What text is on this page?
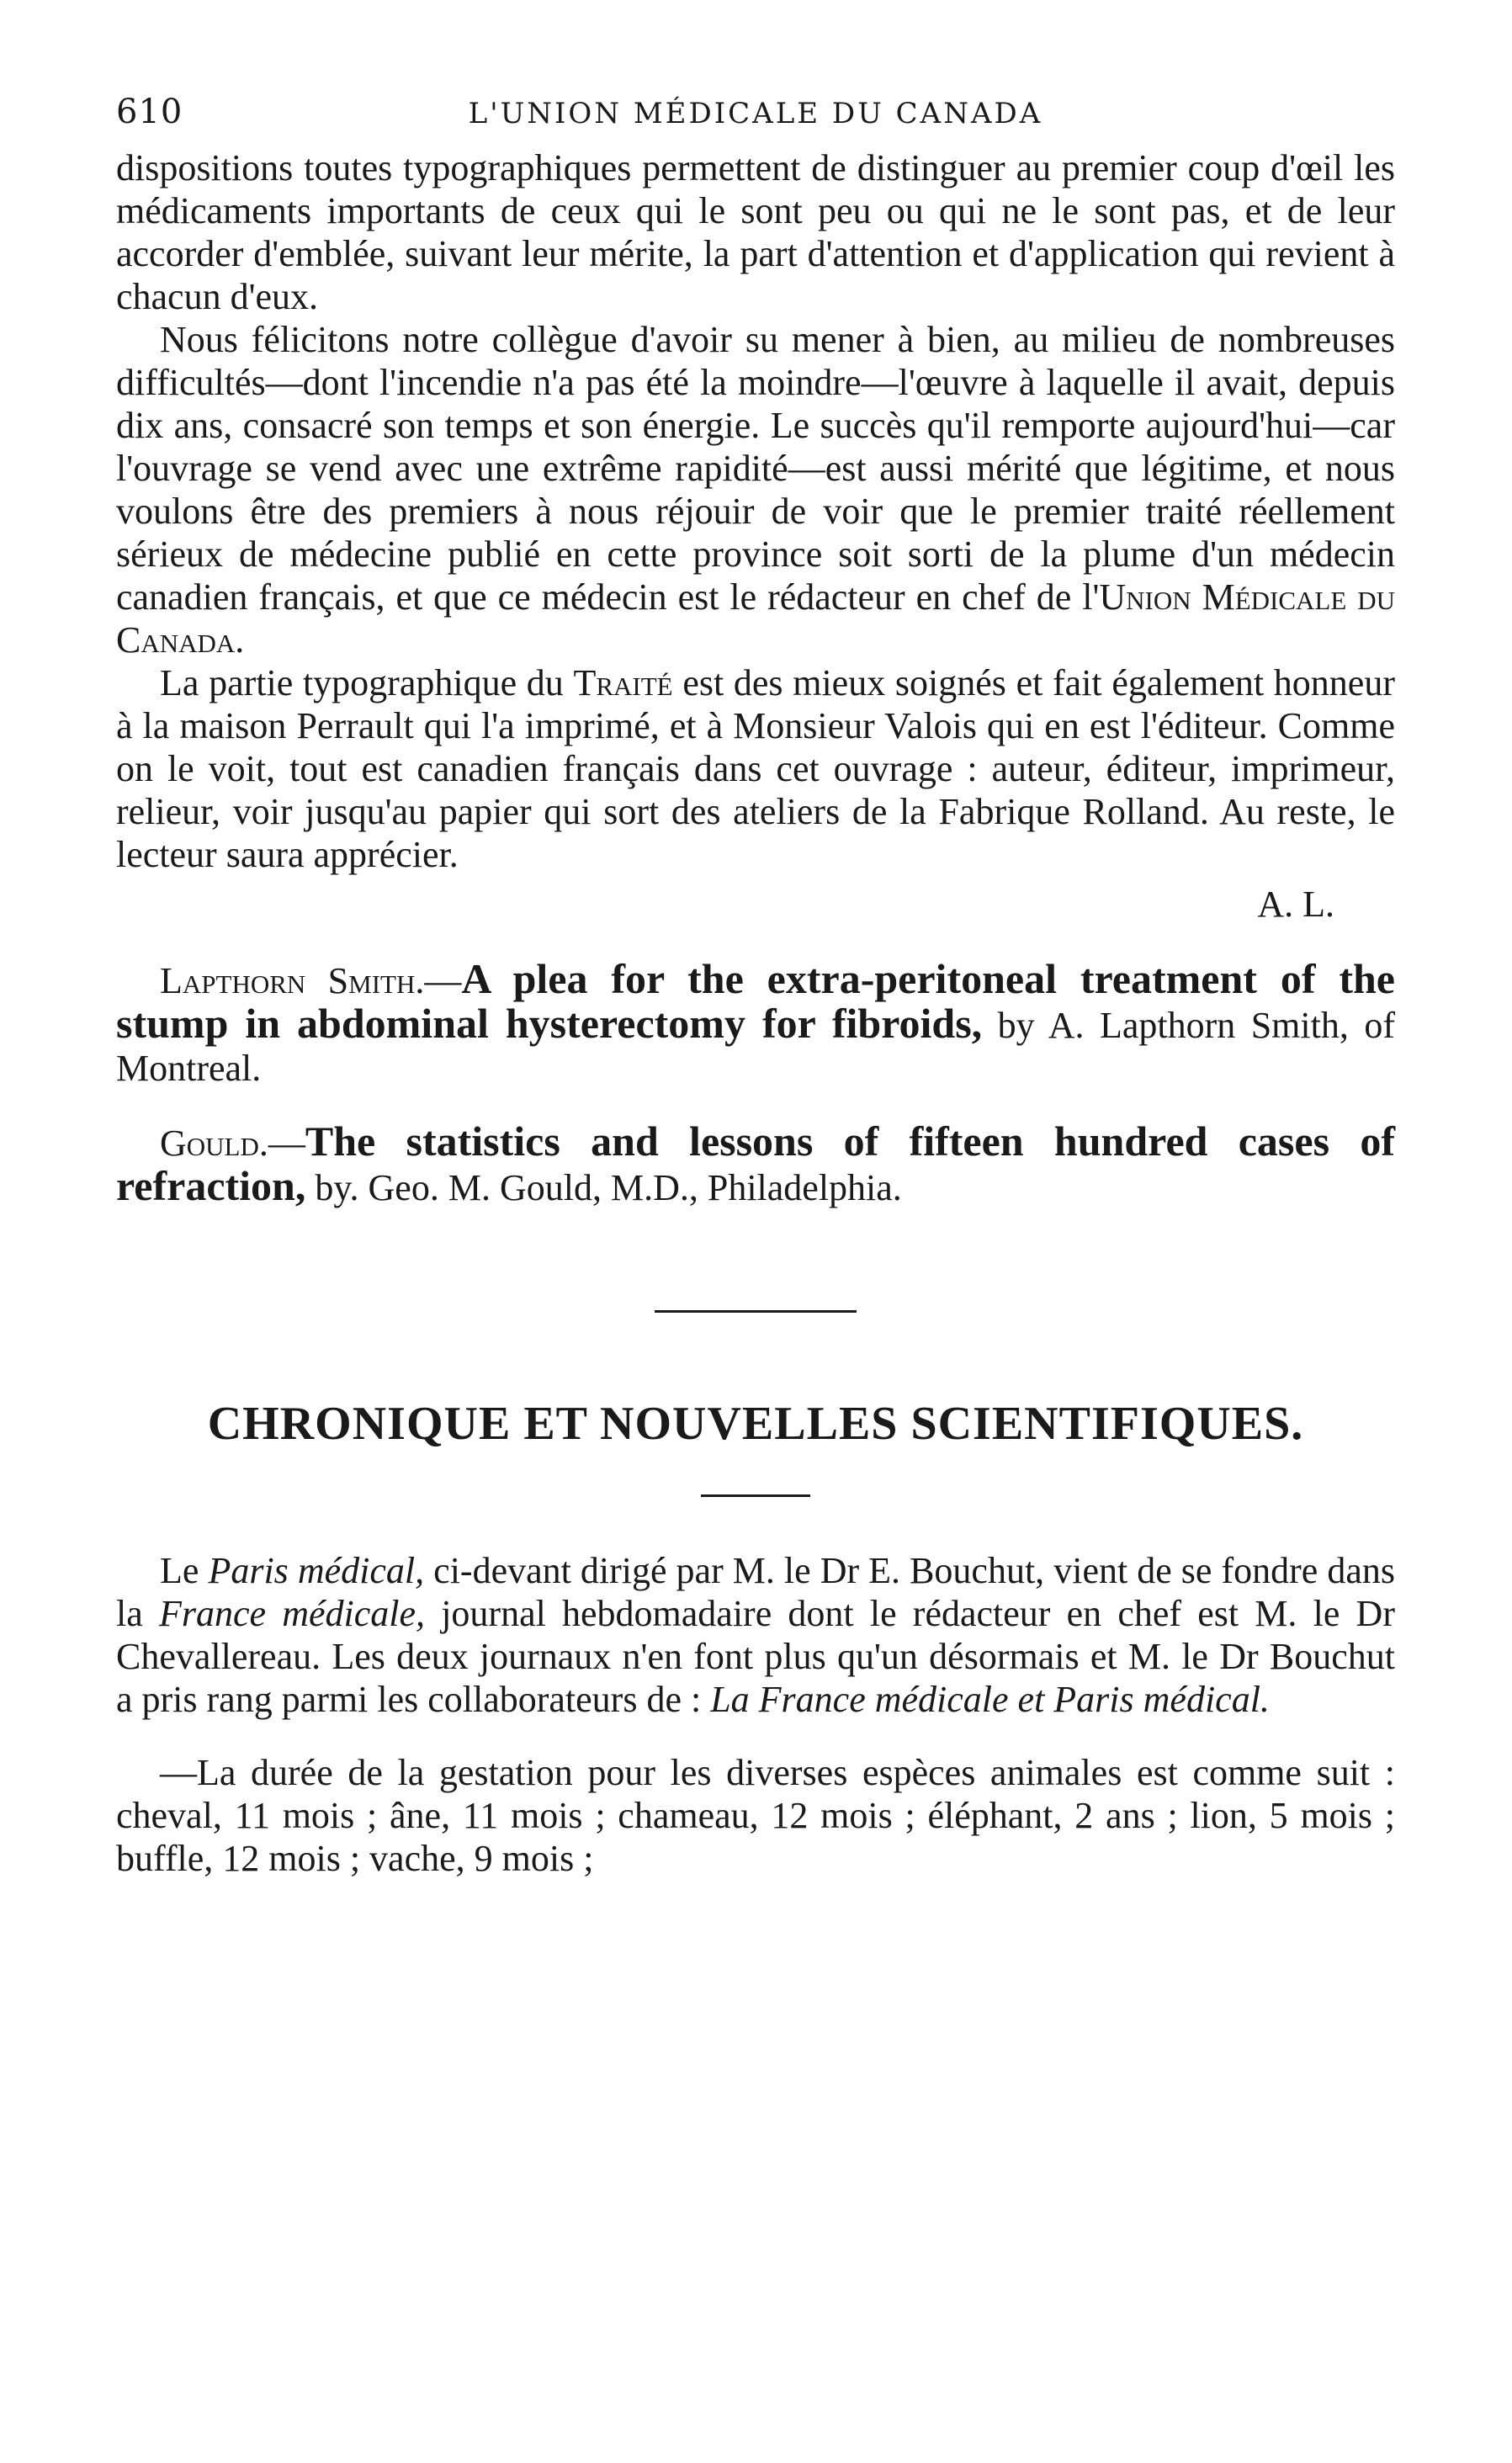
610	L'UNION MÉDICALE DU CANADA

dispositions toutes typographiques permettent de distinguer au premier coup d'œil les médicaments importants de ceux qui le sont peu ou qui ne le sont pas, et de leur accorder d'emblée, suivant leur mérite, la part d'attention et d'application qui revient à chacun d'eux.

Nous félicitons notre collègue d'avoir su mener à bien, au milieu de nombreuses difficultés—dont l'incendie n'a pas été la moindre—l'œuvre à laquelle il avait, depuis dix ans, consacré son temps et son énergie. Le succès qu'il remporte aujourd'hui—car l'ouvrage se vend avec une extrême rapidité—est aussi mérité que légitime, et nous voulons être des premiers à nous réjouir de voir que le premier traité réellement sérieux de médecine publié en cette province soit sorti de la plume d'un médecin canadien français, et que ce médecin est le rédacteur en chef de l'Union Médicale du Canada.

La partie typographique du Traité est des mieux soignés et fait également honneur à la maison Perrault qui l'a imprimé, et à Monsieur Valois qui en est l'éditeur. Comme on le voit, tout est canadien français dans cet ouvrage : auteur, éditeur, imprimeur, relieur, voir jusqu'au papier qui sort des ateliers de la Fabrique Rolland. Au reste, le lecteur saura apprécier.

A. L.

Lapthorn Smith.—A plea for the extra-peritoneal treatment of the stump in abdominal hysterectomy for fibroids, by A. Lapthorn Smith, of Montreal.

Gould.—The statistics and lessons of fifteen hundred cases of refraction, by. Geo. M. Gould, M.D., Philadelphia.

CHRONIQUE ET NOUVELLES SCIENTIFIQUES.

Le Paris médical, ci-devant dirigé par M. le Dr E. Bouchut, vient de se fondre dans la France médicale, journal hebdomadaire dont le rédacteur en chef est M. le Dr Chevallereau. Les deux journaux n'en font plus qu'un désormais et M. le Dr Bouchut a pris rang parmi les collaborateurs de : La France médicale et Paris médical.

—La durée de la gestation pour les diverses espèces animales est comme suit : cheval, 11 mois ; âne, 11 mois ; chameau, 12 mois ; éléphant, 2 ans ; lion, 5 mois ; buffle, 12 mois ; vache, 9 mois ;
